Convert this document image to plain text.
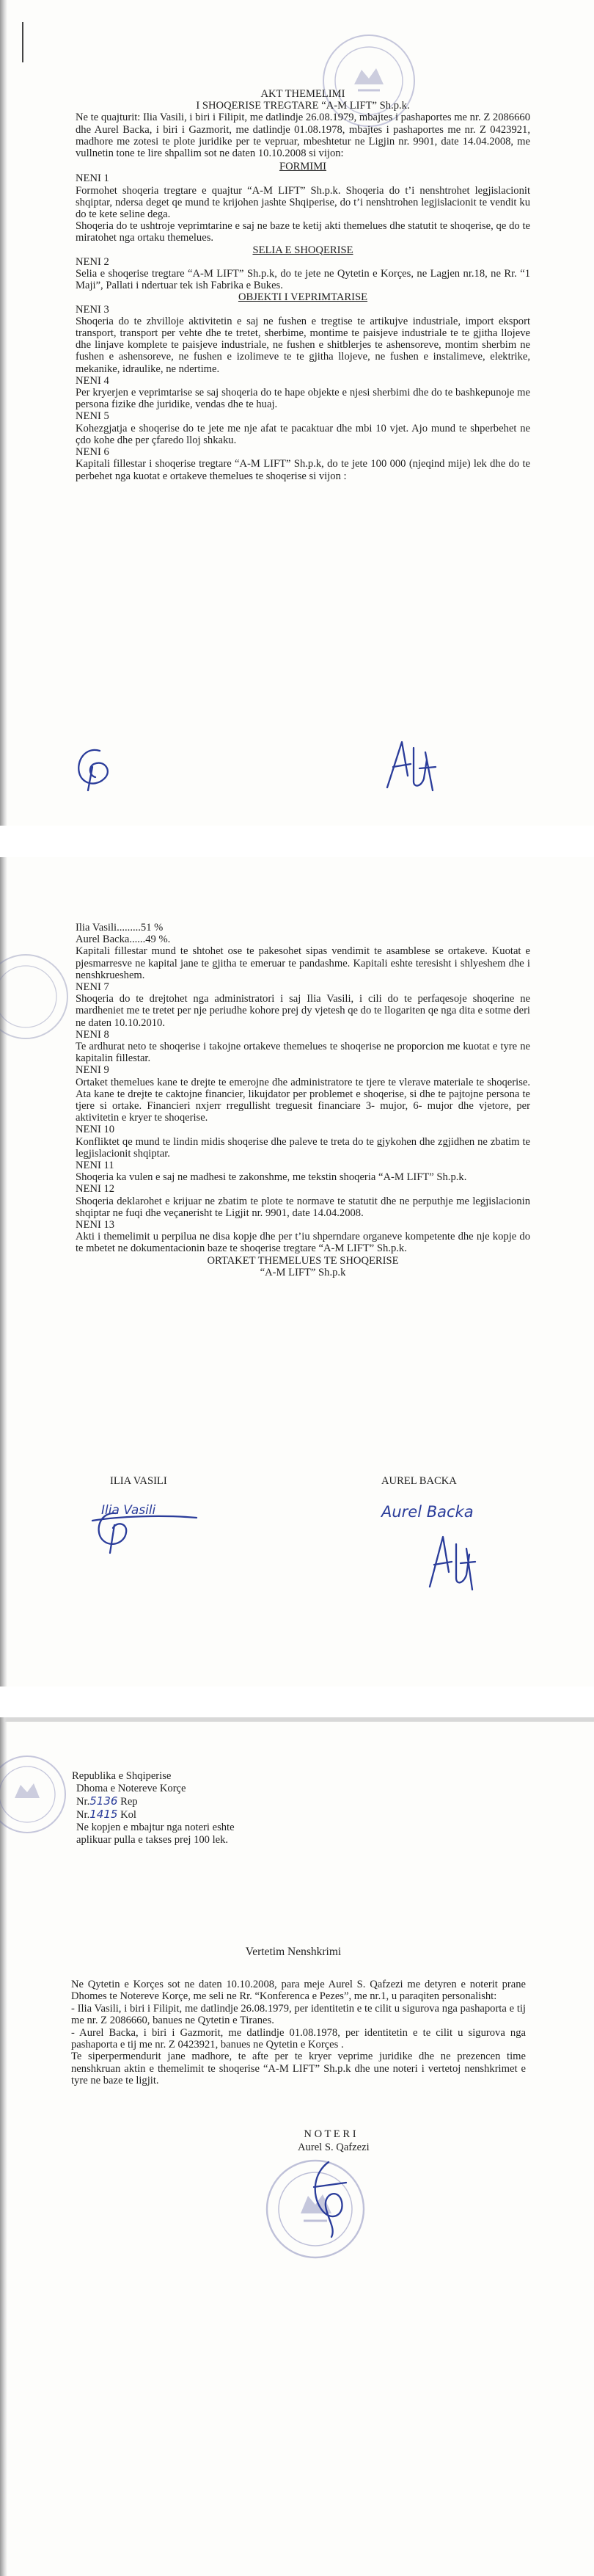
AKT THEMELIMI

I SHOQERISE TREGTARE “A-M LIFT” Sh.p.k.

Ne te quajturit: Ilia Vasili, i biri i Filipit, me datlindje 26.08.1979, mbajtes i pashaportes me nr. Z 2086660 dhe Aurel Backa, i biri i Gazmorit, me datlindje 01.08.1978, mbajtes i pashaportes me nr. Z 0423921, madhore me zotesi te plote juridike per te vepruar, mbeshtetur ne Ligjin nr. 9901, date 14.04.2008, me vullnetin tone te lire shpallim sot ne daten 10.10.2008 si vijon:

FORMIMI

NENI 1

Formohet shoqeria tregtare e quajtur “A-M LIFT” Sh.p.k. Shoqeria do t’i nenshtrohet legjislacionit shqiptar, ndersa deget qe mund te krijohen jashte Shqiperise, do t’i nenshtrohen legjislacionit te vendit ku do te kete seline dega.

Shoqeria do te ushtroje veprimtarine e saj ne baze te ketij akti themelues dhe statutit te shoqerise, qe do te miratohet nga ortaku themelues.

SELIA E SHOQERISE

NENI 2

Selia e shoqerise tregtare “A-M LIFT” Sh.p.k, do te jete ne Qytetin e Korçes, ne Lagjen nr.18, ne Rr. “1 Maji”, Pallati i ndertuar tek ish Fabrika e Bukes.

OBJEKTI I VEPRIMTARISE

NENI 3

Shoqeria do te zhvilloje aktivitetin e saj ne fushen e tregtise te artikujve industriale, import eksport transport, transport per vehte dhe te tretet, sherbime, montime te paisjeve industriale te te gjitha llojeve dhe linjave komplete te paisjeve industriale, ne fushen e shitblerjes te ashensoreve, montim sherbim ne fushen e ashensoreve, ne fushen e izolimeve te te gjitha llojeve, ne fushen e instalimeve, elektrike, mekanike, idraulike, ne ndertime.

NENI 4

Per kryerjen e veprimtarise se saj shoqeria do te hape objekte e njesi sherbimi dhe do te bashkepunoje me persona fizike dhe juridike, vendas dhe te huaj.

NENI 5

Kohezgjatja e shoqerise do te jete me nje afat te pacaktuar dhe mbi 10 vjet. Ajo mund te shperbehet ne çdo kohe dhe per çfaredo lloj shkaku.

NENI 6

Kapitali fillestar i shoqerise tregtare “A-M LIFT” Sh.p.k, do te jete 100 000 (njeqind mije) lek dhe do te perbehet nga kuotat e ortakeve themelues te shoqerise si vijon :

Ilia Vasili.........51 %

Aurel Backa......49 %.

Kapitali fillestar mund te shtohet ose te pakesohet sipas vendimit te asamblese se ortakeve. Kuotat e pjesmarresve ne kapital jane te gjitha te emeruar te pandashme. Kapitali eshte teresisht i shlyeshem dhe i nenshkrueshem.

NENI 7

Shoqeria do te drejtohet nga administratori i saj Ilia Vasili, i cili do te perfaqesoje shoqerine ne mardheniet me te tretet per nje periudhe kohore prej dy vjetesh qe do te llogariten qe nga dita e sotme deri ne daten 10.10.2010.

NENI 8

Te ardhurat neto te shoqerise i takojne ortakeve themelues te shoqerise ne proporcion me kuotat e tyre ne kapitalin fillestar.

NENI 9

Ortaket themelues kane te drejte te emerojne dhe administratore te tjere te vlerave materiale te shoqerise. Ata kane te drejte te caktojne financier, likujdator per problemet e shoqerise, si dhe te pajtojne persona te tjere si ortake. Financieri nxjerr rregullisht treguesit financiare 3- mujor, 6- mujor dhe vjetore, per aktivitetin e kryer te shoqerise.

NENI 10

Konfliktet qe mund te lindin midis shoqerise dhe paleve te treta do te gjykohen dhe zgjidhen ne zbatim te legjislacionit shqiptar.

NENI 11

Shoqeria ka vulen e saj ne madhesi te zakonshme, me tekstin shoqeria “A-M LIFT” Sh.p.k.

NENI 12

Shoqeria deklarohet e krijuar ne zbatim te plote te normave te statutit dhe ne perputhje me legjislacionin shqiptar ne fuqi dhe veçanerisht te Ligjit nr. 9901, date 14.04.2008.

NENI 13

Akti i themelimit u perpilua ne disa kopje dhe per t’iu shperndare organeve kompetente dhe nje kopje do te mbetet ne dokumentacionin baze te shoqerise tregtare “A-M LIFT” Sh.p.k.

ORTAKET THEMELUES TE SHOQERISE

“A-M LIFT” Sh.p.k

ILIA VASILI	AUREL BACKA
Ilia Vasili	Aurel Backa

Republika e Shqiperise

Dhoma e Notereve Korçe

Nr.5136 Rep

Nr.1415 Kol

Ne kopjen e mbajtur nga noteri eshte

aplikuar pulla e takses prej 100 lek.

Vertetim Nenshkrimi

Ne Qytetin e Korçes sot ne daten 10.10.2008, para meje Aurel S. Qafzezi me detyren e noterit prane Dhomes te Notereve Korçe, me seli ne Rr. “Konferenca e Pezes”, me nr.1, u paraqiten personalisht:

- Ilia Vasili, i biri i Filipit, me datlindje 26.08.1979, per identitetin e te cilit u sigurova nga pashaporta e tij me nr. Z 2086660, banues ne Qytetin e Tiranes.

- Aurel Backa, i biri i Gazmorit, me datlindje 01.08.1978, per identitetin e te cilit u sigurova nga pashaporta e tij me nr. Z 0423921, banues ne Qytetin e Korçes .

Te siperpermendurit jane madhore, te afte per te kryer veprime juridike dhe ne prezencen time nenshkruan aktin e themelimit te shoqerise “A-M LIFT” Sh.p.k dhe une noteri i vertetoj nenshkrimet e tyre ne baze te ligjit.

N O T E R I
Aurel S. Qafzezi
